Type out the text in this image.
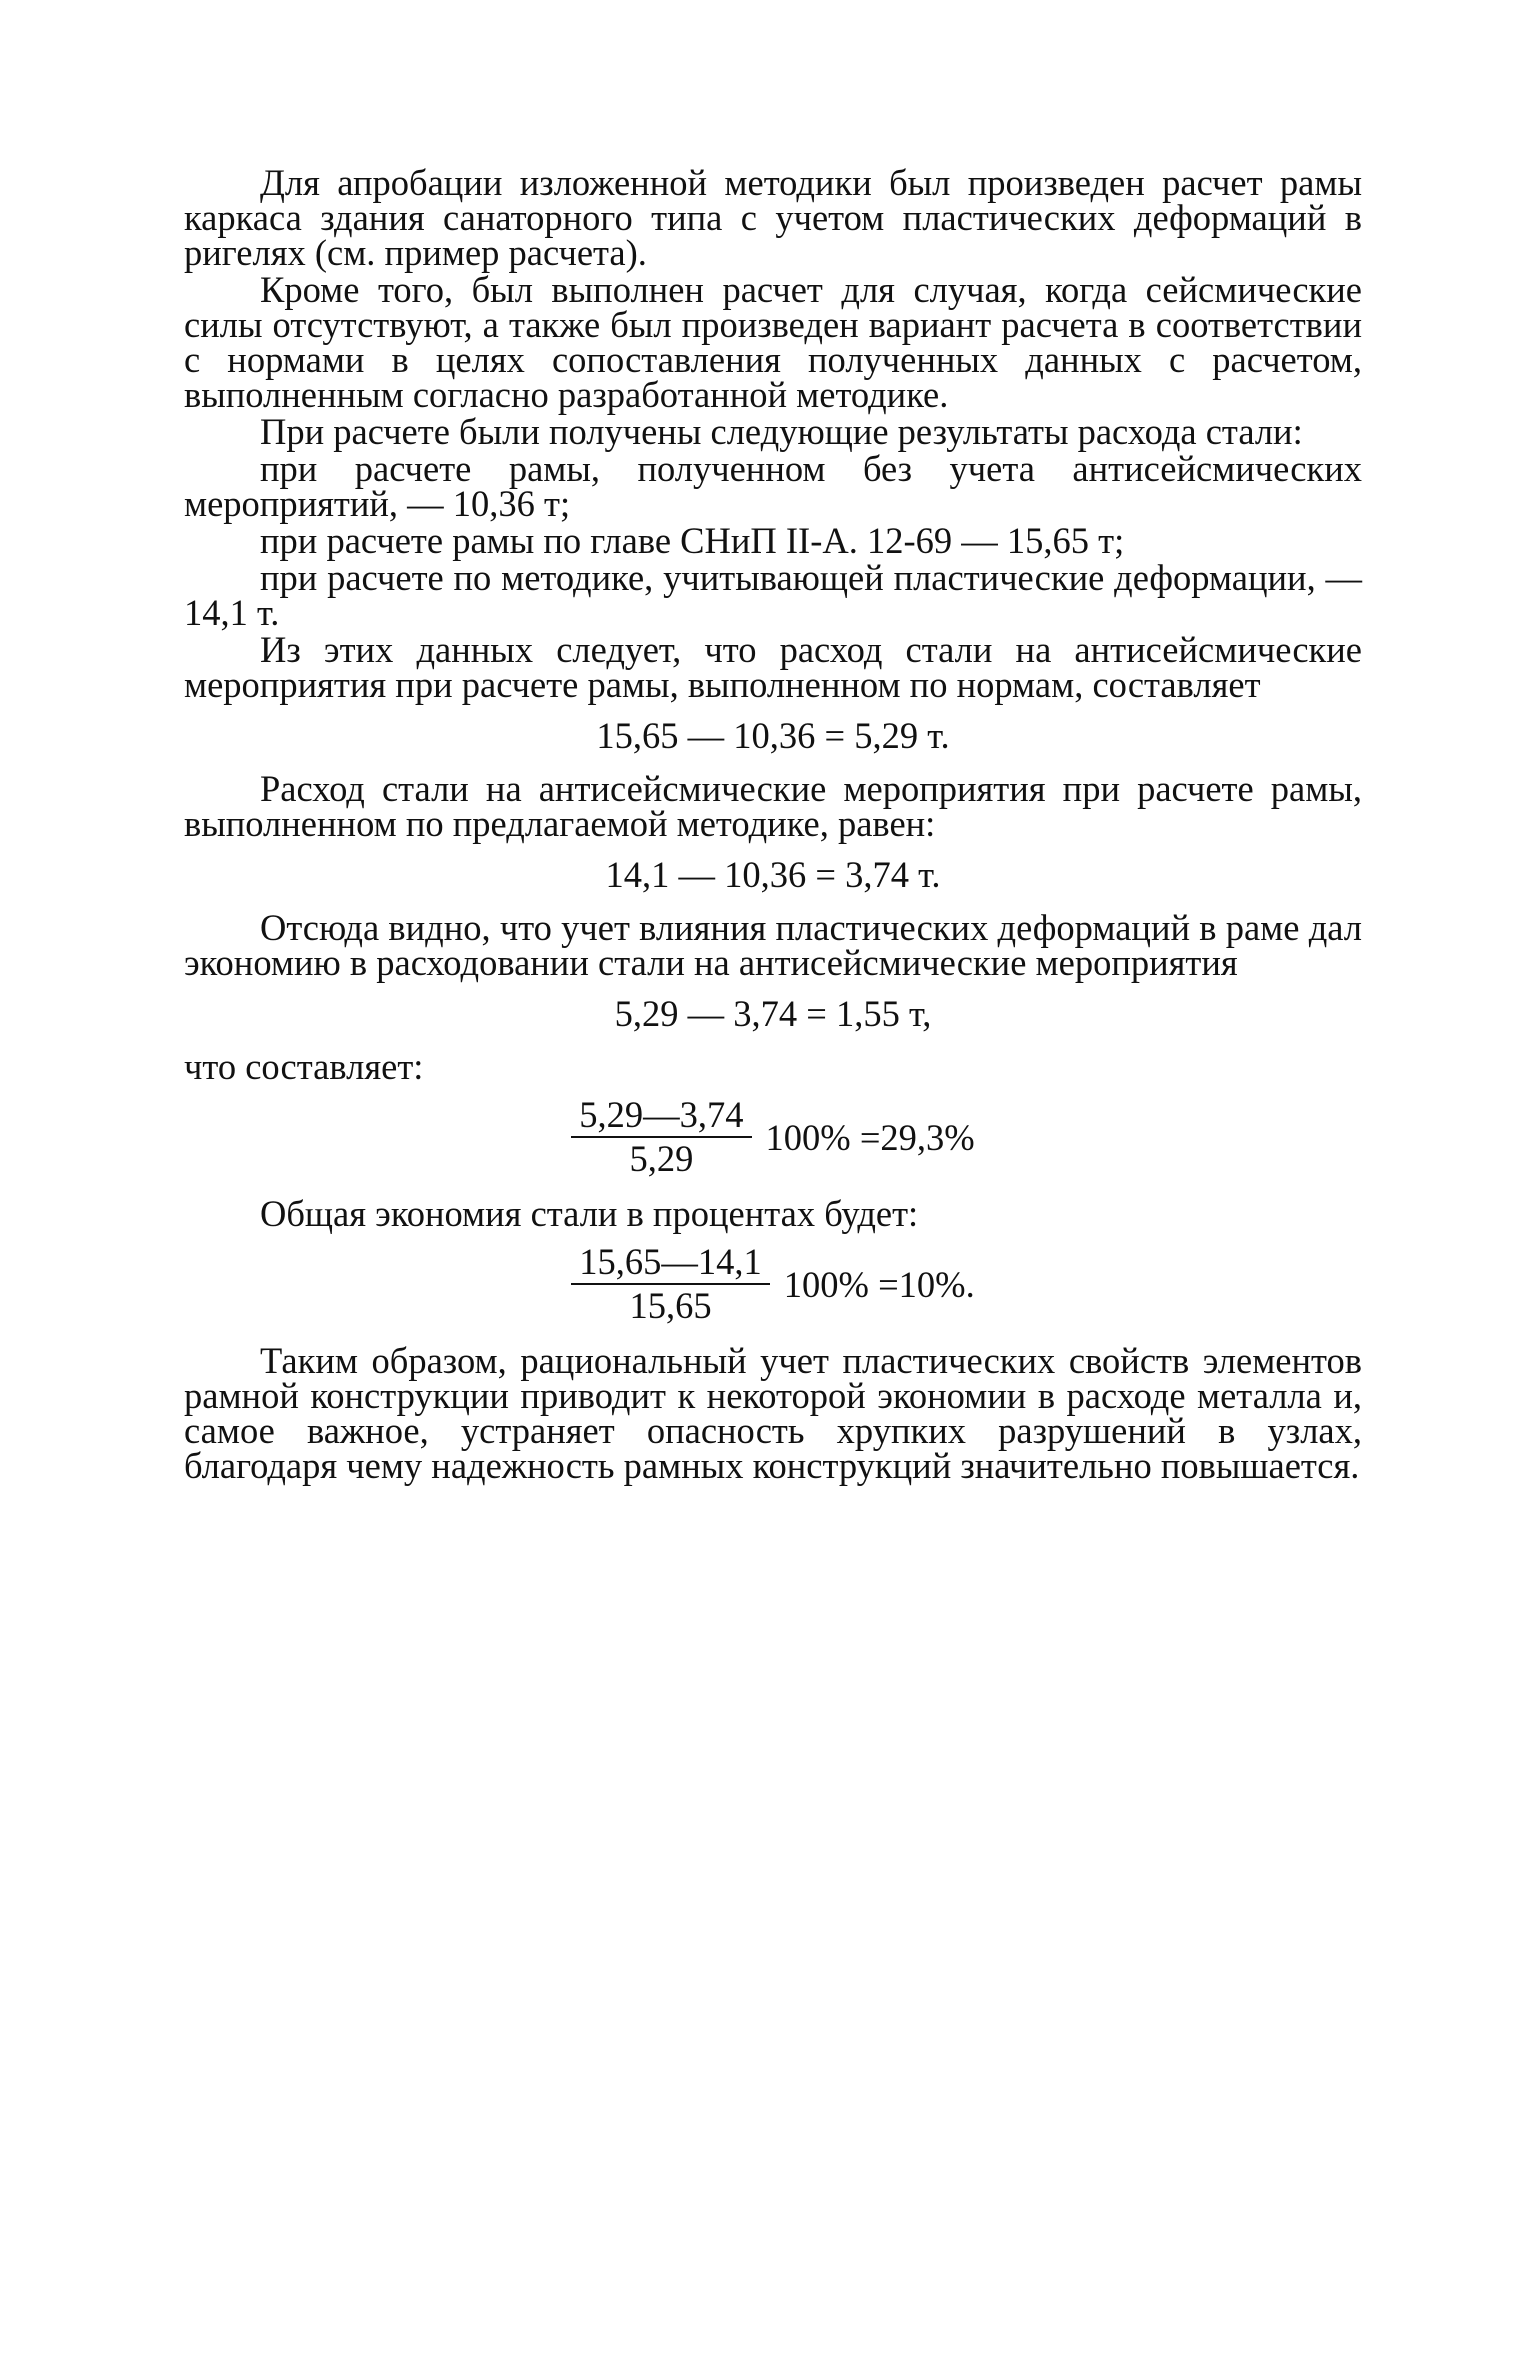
Для апробации изложенной методики был произведен расчет рамы каркаса здания санаторного типа с учетом пластических деформаций в ригелях (см. пример расчета).

Кроме того, был выполнен расчет для случая, когда сейсмические силы отсутствуют, а также был произведен вариант расчета в соответствии с нормами в целях сопоставления полученных данных с расчетом, выполненным согласно разработанной методике.

При расчете были получены следующие результаты расхода стали:

при расчете рамы, полученном без учета антисейсмических мероприятий, — 10,36 т;

при расчете рамы по главе СНиП II-А. 12-69 — 15,65 т;

при расчете по методике, учитывающей пластические деформации, — 14,1 т.

Из этих данных следует, что расход стали на антисейсмические мероприятия при расчете рамы, выполненном по нормам, составляет

15,65 — 10,36 = 5,29 т.

Расход стали на антисейсмические мероприятия при расчете рамы, выполненном по предлагаемой методике, равен:

14,1 — 10,36 = 3,74 т.

Отсюда видно, что учет влияния пластических деформаций в раме дал экономию в расходовании стали на антисейсмические мероприятия

5,29 — 3,74 = 1,55 т,

что составляет:

$\frac{5,29—3,74}{5,29} 100\% =29,3\%$

Общая экономия стали в процентах будет:

$\frac{15,65—14,1}{15,65} 100\% =10\%$.

Таким образом, рациональный учет пластических свойств элементов рамной конструкции приводит к некоторой экономии в расходе металла и, самое важное, устраняет опасность хрупких разрушений в узлах, благодаря чему надежность рамных конструкций значительно повышается.
